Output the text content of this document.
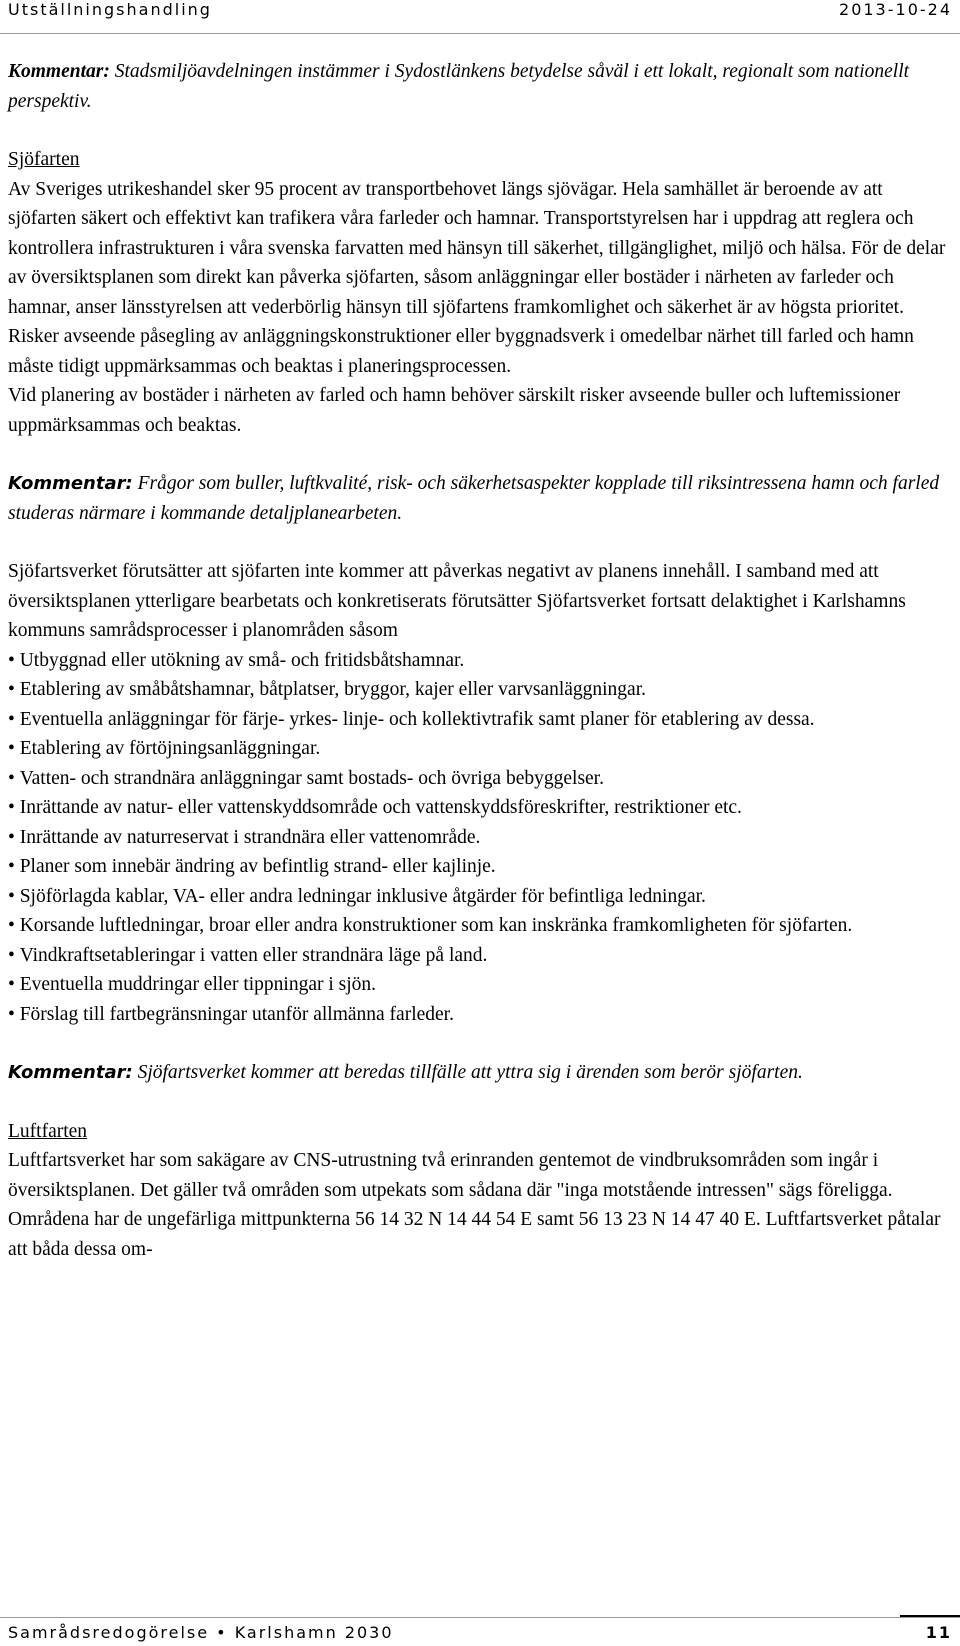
Utställningshandling	2013-10-24

Kommentar: Stadsmiljöavdelningen instämmer i Sydostlänkens betydelse såväl i ett lokalt, regionalt som nationellt perspektiv.

Sjöfarten

Av Sveriges utrikeshandel sker 95 procent av transportbehovet längs sjövägar. Hela samhället är beroende av att sjöfarten säkert och effektivt kan trafikera våra farleder och hamnar. Transportstyrelsen har i uppdrag att reglera och kontrollera infrastrukturen i våra svenska farvatten med hänsyn till säkerhet, tillgänglighet, miljö och hälsa. För de delar av översiktsplanen som direkt kan påverka sjöfarten, såsom anläggningar eller bostäder i närheten av farleder och hamnar, anser länsstyrelsen att vederbörlig hänsyn till sjöfartens framkomlighet och säkerhet är av högsta prioritet. Risker avseende påsegling av anläggningskonstruktioner eller byggnadsverk i omedelbar närhet till farled och hamn måste tidigt uppmärksammas och beaktas i planeringsprocessen.

Vid planering av bostäder i närheten av farled och hamn behöver särskilt risker avseende buller och luftemissioner uppmärksammas och beaktas.

Kommentar: Frågor som buller, luftkvalité, risk- och säkerhetsaspekter kopplade till riksintressena hamn och farled studeras närmare i kommande detaljplanearbeten.

Sjöfartsverket förutsätter att sjöfarten inte kommer att påverkas negativt av planens innehåll. I samband med att översiktsplanen ytterligare bearbetats och konkretiserats förutsätter Sjöfartsverket fortsatt delaktighet i Karlshamns kommuns samrådsprocesser i planområden såsom

• Utbyggnad eller utökning av små- och fritidsbåtshamnar.
• Etablering av småbåtshamnar, båtplatser, bryggor, kajer eller varvsanläggningar.
• Eventuella anläggningar för färje- yrkes- linje- och kollektivtrafik samt planer för etablering av dessa.
• Etablering av förtöjningsanläggningar.
• Vatten- och strandnära anläggningar samt bostads- och övriga bebyggelser.
• Inrättande av natur- eller vattenskyddsområde och vattenskyddsföreskrifter, restriktioner etc.
• Inrättande av naturreservat i strandnära eller vattenområde.
• Planer som innebär ändring av befintlig strand- eller kajlinje.
• Sjöförlagda kablar, VA- eller andra ledningar inklusive åtgärder för befintliga ledningar.
• Korsande luftledningar, broar eller andra konstruktioner som kan inskränka framkomligheten för sjöfarten.
• Vindkraftsetableringar i vatten eller strandnära läge på land.
• Eventuella muddringar eller tippningar i sjön.
• Förslag till fartbegränsningar utanför allmänna farleder.

Kommentar: Sjöfartsverket kommer att beredas tillfälle att yttra sig i ärenden som berör sjöfarten.

Luftfarten

Luftfartsverket har som sakägare av CNS-utrustning två erinranden gentemot de vindbruksområden som ingår i översiktsplanen. Det gäller två områden som utpekats som sådana där "inga motstående intressen" sägs föreligga. Områdena har de ungefärliga mittpunkterna 56 14 32 N 14 44 54 E samt 56 13 23 N 14 47 40 E. Luftfartsverket påtalar att båda dessa om-

Samrådsredogörelse • Karlshamn 2030	11
